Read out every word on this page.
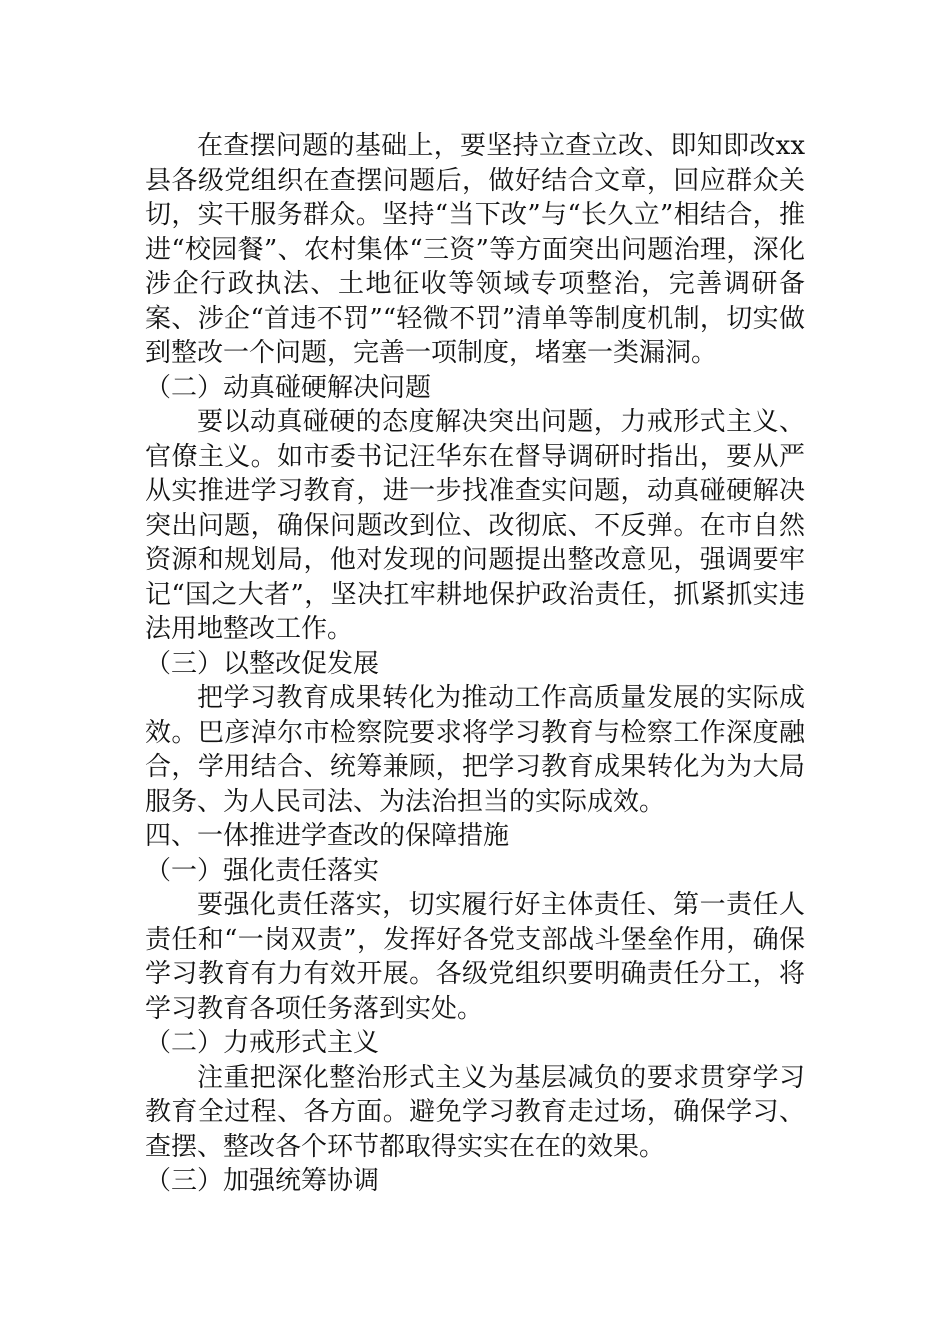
在查摆问题的基础上，要坚持立查立改、即知即改xx县各级党组织在查摆问题后，做好结合文章，回应群众关切，实干服务群众。坚持“当下改”与“长久立”相结合，推进“校园餐”、农村集体“三资”等方面突出问题治理，深化涉企行政执法、土地征收等领域专项整治，完善调研备案、涉企“首违不罚”“轻微不罚”清单等制度机制，切实做到整改一个问题，完善一项制度，堵塞一类漏洞。

（二）动真碰硬解决问题

要以动真碰硬的态度解决突出问题，力戒形式主义、官僚主义。如市委书记汪华东在督导调研时指出，要从严从实推进学习教育，进一步找准查实问题，动真碰硬解决突出问题，确保问题改到位、改彻底、不反弹。在市自然资源和规划局，他对发现的问题提出整改意见，强调要牢记“国之大者”，坚决扛牢耕地保护政治责任，抓紧抓实违法用地整改工作。

（三）以整改促发展

把学习教育成果转化为推动工作高质量发展的实际成效。巴彦淖尔市检察院要求将学习教育与检察工作深度融合，学用结合、统筹兼顾，把学习教育成果转化为为大局服务、为人民司法、为法治担当的实际成效。

四、一体推进学查改的保障措施

（一）强化责任落实

要强化责任落实，切实履行好主体责任、第一责任人责任和“一岗双责”，发挥好各党支部战斗堡垒作用，确保学习教育有力有效开展。各级党组织要明确责任分工，将学习教育各项任务落到实处。

（二）力戒形式主义

注重把深化整治形式主义为基层减负的要求贯穿学习教育全过程、各方面。避免学习教育走过场，确保学习、查摆、整改各个环节都取得实实在在的效果。

（三）加强统筹协调
